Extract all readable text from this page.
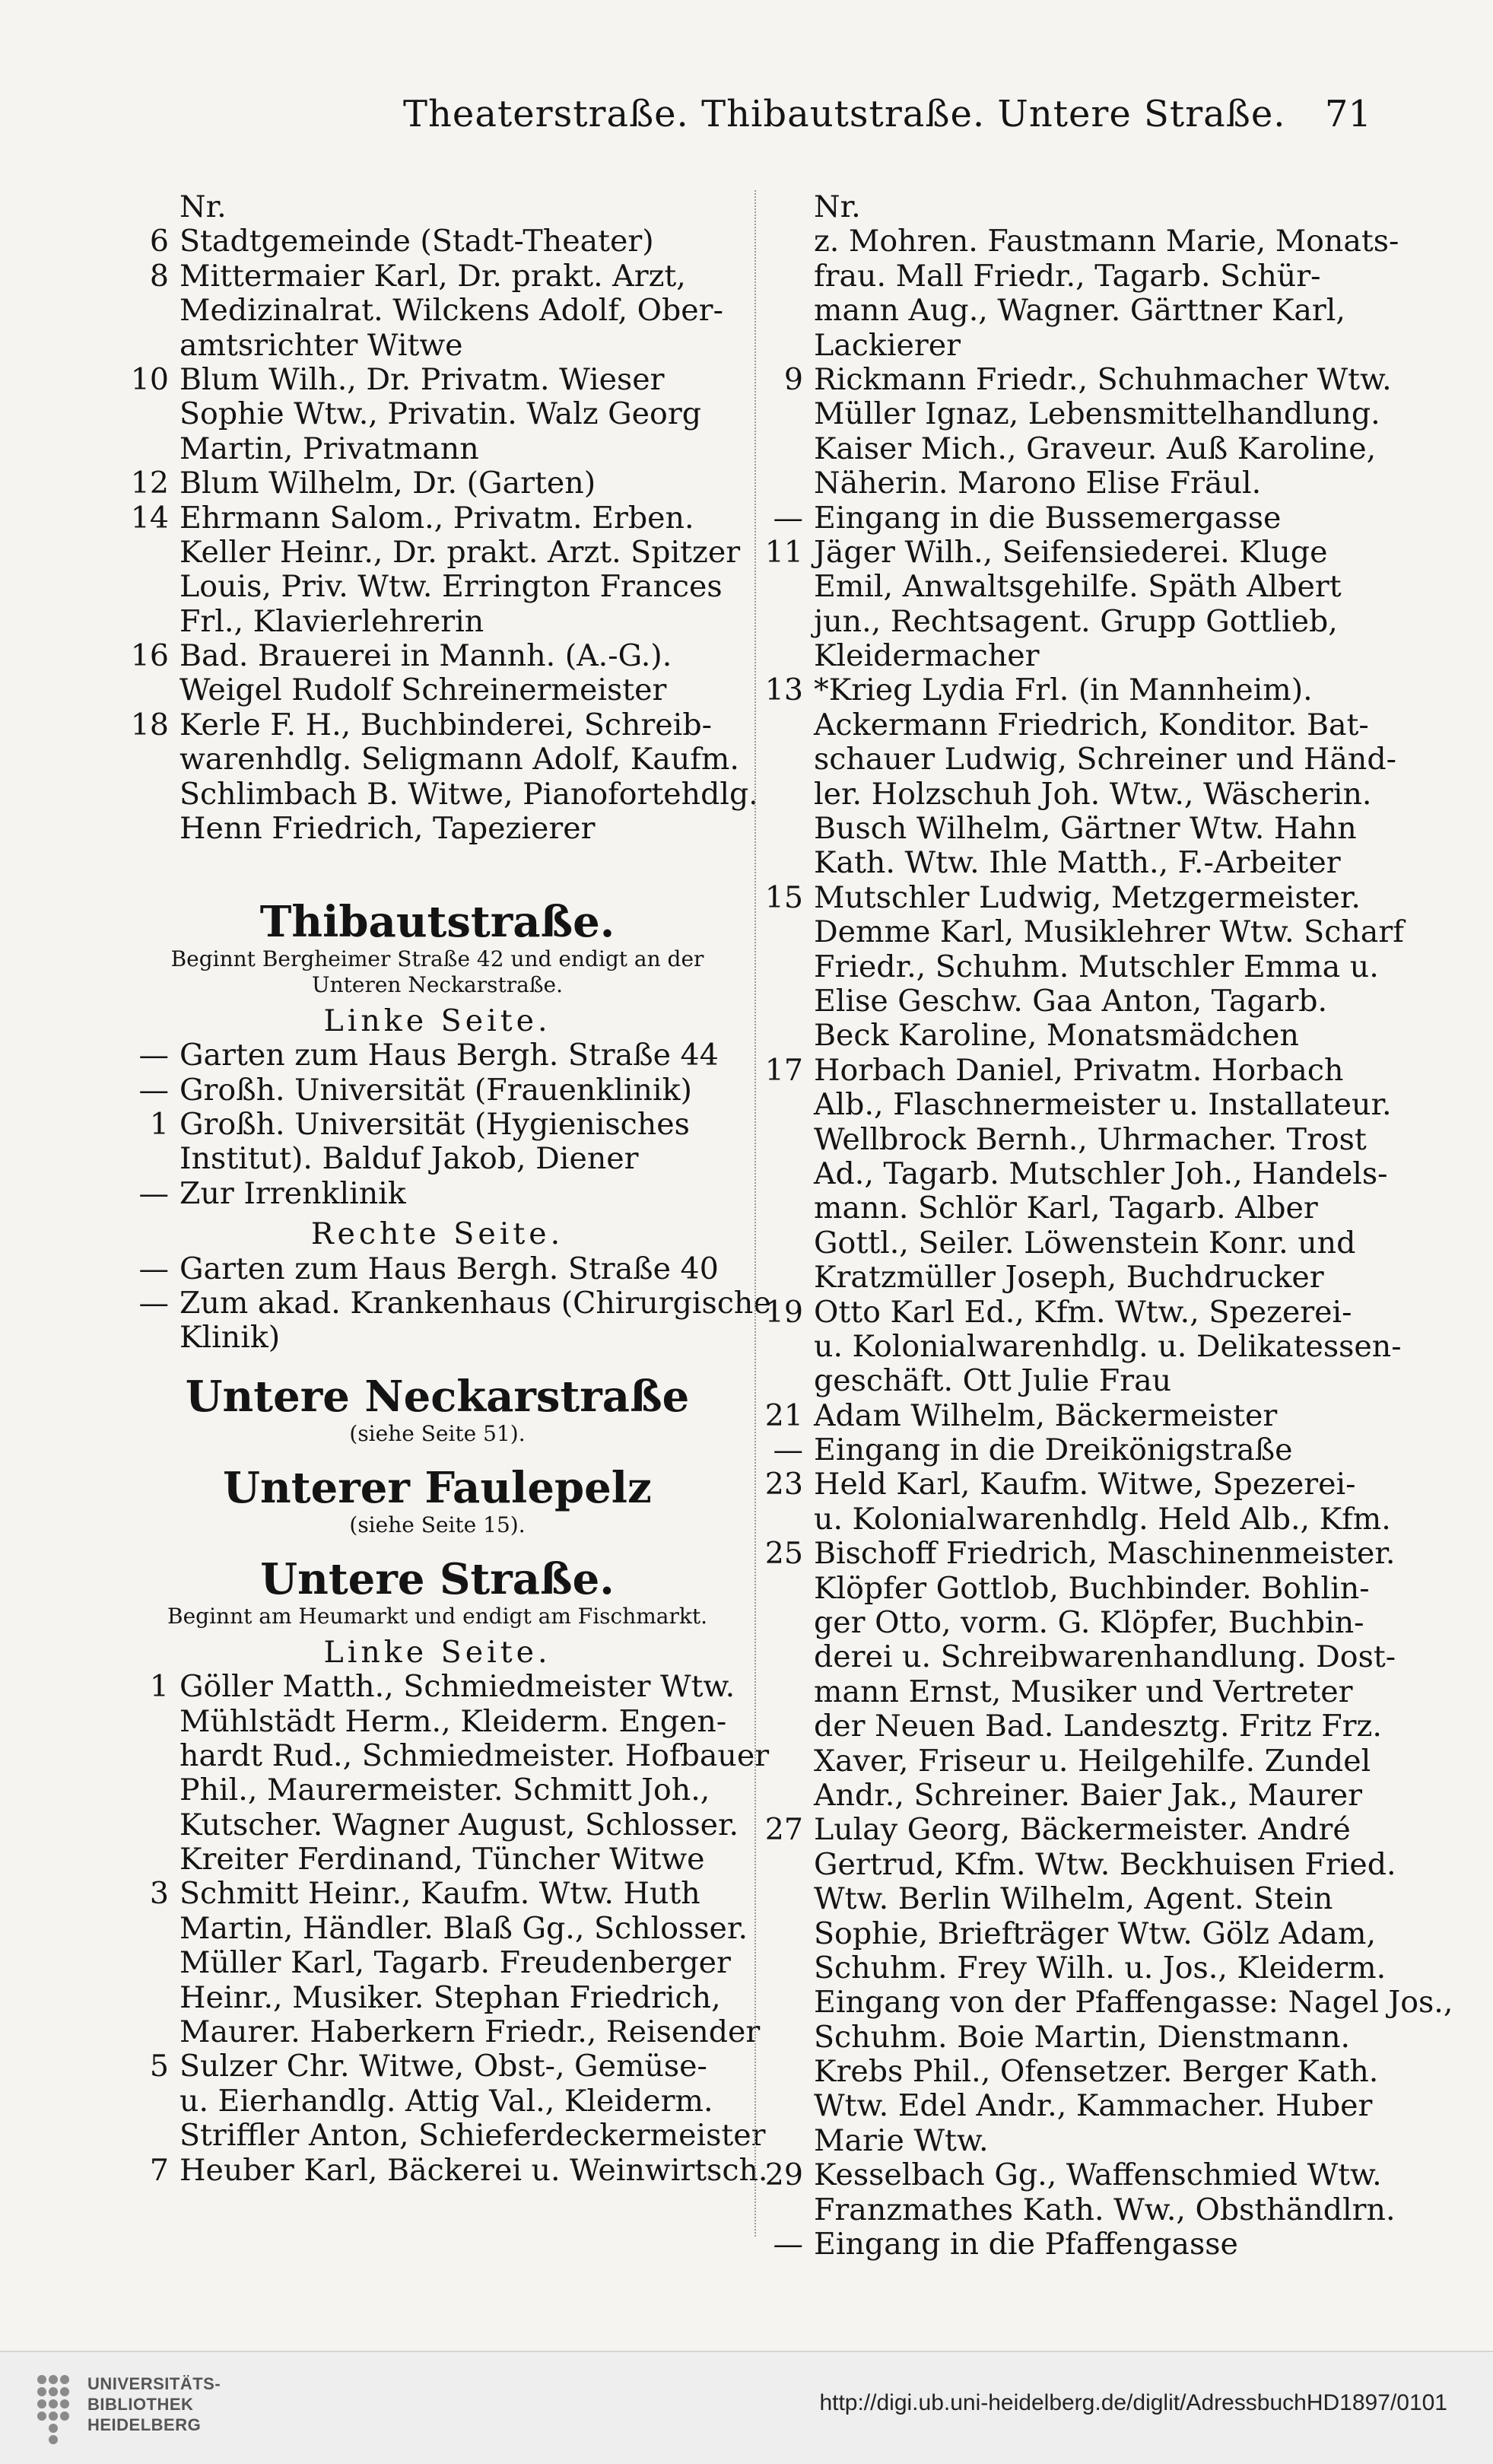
Theaterstraße. Thibautstraße. Untere Straße. 71
Nr.
6 Stadtgemeinde (Stadt-Theater)
8 Mittermaier Karl, Dr. prakt. Arzt,
Medizinalrat. Wilckens Adolf, Ober-
amtsrichter Witwe
10 Blum Wilh., Dr. Privatm. Wieser
Sophie Wtw., Privatin. Walz Georg
Martin, Privatmann
12 Blum Wilhelm, Dr. (Garten)
14 Ehrmann Salom., Privatm. Erben.
Keller Heinr., Dr. prakt. Arzt. Spitzer
Louis, Priv. Wtw. Errington Frances
Frl., Klavierlehrerin
16 Bad. Brauerei in Mannh. (A.-G.).
Weigel Rudolf Schreinermeister
18 Kerle F. H., Buchbinderei, Schreib-
warenhdlg. Seligmann Adolf, Kaufm.
Schlimbach B. Witwe, Pianofortehdlg.
Henn Friedrich, Tapezierer
Thibautstraße.
Beginnt Bergheimer Straße 42 und endigt an der
Unteren Neckarstraße.
Linke Seite.
— Garten zum Haus Bergh. Straße 44
— Großh. Universität (Frauenklinik)
1 Großh. Universität (Hygienisches
Institut). Balduf Jakob, Diener
— Zur Irrenklinik
Rechte Seite.
— Garten zum Haus Bergh. Straße 40
— Zum akad. Krankenhaus (Chirurgische
Klinik)
Untere Neckarstraße
(siehe Seite 51).
Unterer Faulepelz
(siehe Seite 15).
Untere Straße.
Beginnt am Heumarkt und endigt am Fischmarkt.
Linke Seite.
1 Göller Matth., Schmiedmeister Wtw.
Mühlstädt Herm., Kleiderm. Engen-
hardt Rud., Schmiedmeister. Hofbauer
Phil., Maurermeister. Schmitt Joh.,
Kutscher. Wagner August, Schlosser.
Kreiter Ferdinand, Tüncher Witwe
3 Schmitt Heinr., Kaufm. Wtw. Huth
Martin, Händler. Blaß Gg., Schlosser.
Müller Karl, Tagarb. Freudenberger
Heinr., Musiker. Stephan Friedrich,
Maurer. Haberkern Friedr., Reisender
5 Sulzer Chr. Witwe, Obst-, Gemüse-
u. Eierhandlg. Attig Val., Kleiderm.
Striffler Anton, Schieferdeckermeister
7 Heuber Karl, Bäckerei u. Weinwirtsch.
Nr.
z. Mohren. Faustmann Marie, Monats-
frau. Mall Friedr., Tagarb. Schür-
mann Aug., Wagner. Gärttner Karl,
Lackierer
9 Rickmann Friedr., Schuhmacher Wtw.
Müller Ignaz, Lebensmittelhandlung.
Kaiser Mich., Graveur. Auß Karoline,
Näherin. Marono Elise Fräul.
— Eingang in die Bussemergasse
11 Jäger Wilh., Seifensiederei. Kluge
Emil, Anwaltsgehilfe. Späth Albert
jun., Rechtsagent. Grupp Gottlieb,
Kleidermacher
13 *Krieg Lydia Frl. (in Mannheim).
Ackermann Friedrich, Konditor. Bat-
schauer Ludwig, Schreiner und Händ-
ler. Holzschuh Joh. Wtw., Wäscherin.
Busch Wilhelm, Gärtner Wtw. Hahn
Kath. Wtw. Ihle Matth., F.-Arbeiter
15 Mutschler Ludwig, Metzgermeister.
Demme Karl, Musiklehrer Wtw. Scharf
Friedr., Schuhm. Mutschler Emma u.
Elise Geschw. Gaa Anton, Tagarb.
Beck Karoline, Monatsmädchen
17 Horbach Daniel, Privatm. Horbach
Alb., Flaschnermeister u. Installateur.
Wellbrock Bernh., Uhrmacher. Trost
Ad., Tagarb. Mutschler Joh., Handels-
mann. Schlör Karl, Tagarb. Alber
Gottl., Seiler. Löwenstein Konr. und
Kratzmüller Joseph, Buchdrucker
19 Otto Karl Ed., Kfm. Wtw., Spezerei-
u. Kolonialwarenhdlg. u. Delikatessen-
geschäft. Ott Julie Frau
21 Adam Wilhelm, Bäckermeister
— Eingang in die Dreikönigstraße
23 Held Karl, Kaufm. Witwe, Spezerei-
u. Kolonialwarenhdlg. Held Alb., Kfm.
25 Bischoff Friedrich, Maschinenmeister.
Klöpfer Gottlob, Buchbinder. Bohlin-
ger Otto, vorm. G. Klöpfer, Buchbin-
derei u. Schreibwarenhandlung. Dost-
mann Ernst, Musiker und Vertreter
der Neuen Bad. Landesztg. Fritz Frz.
Xaver, Friseur u. Heilgehilfe. Zundel
Andr., Schreiner. Baier Jak., Maurer
27 Lulay Georg, Bäckermeister. André
Gertrud, Kfm. Wtw. Beckhuisen Fried.
Wtw. Berlin Wilhelm, Agent. Stein
Sophie, Briefträger Wtw. Gölz Adam,
Schuhm. Frey Wilh. u. Jos., Kleiderm.
Eingang von der Pfaffengasse: Nagel Jos.,
Schuhm. Boie Martin, Dienstmann.
Krebs Phil., Ofensetzer. Berger Kath.
Wtw. Edel Andr., Kammacher. Huber
Marie Wtw.
29 Kesselbach Gg., Waffenschmied Wtw.
Franzmathes Kath. Ww., Obsthändlrn.
— Eingang in die Pfaffengasse
UNIVERSITÄTS-
BIBLIOTHEK
HEIDELBERG
http://digi.ub.uni-heidelberg.de/diglit/AdressbuchHD1897/0101
